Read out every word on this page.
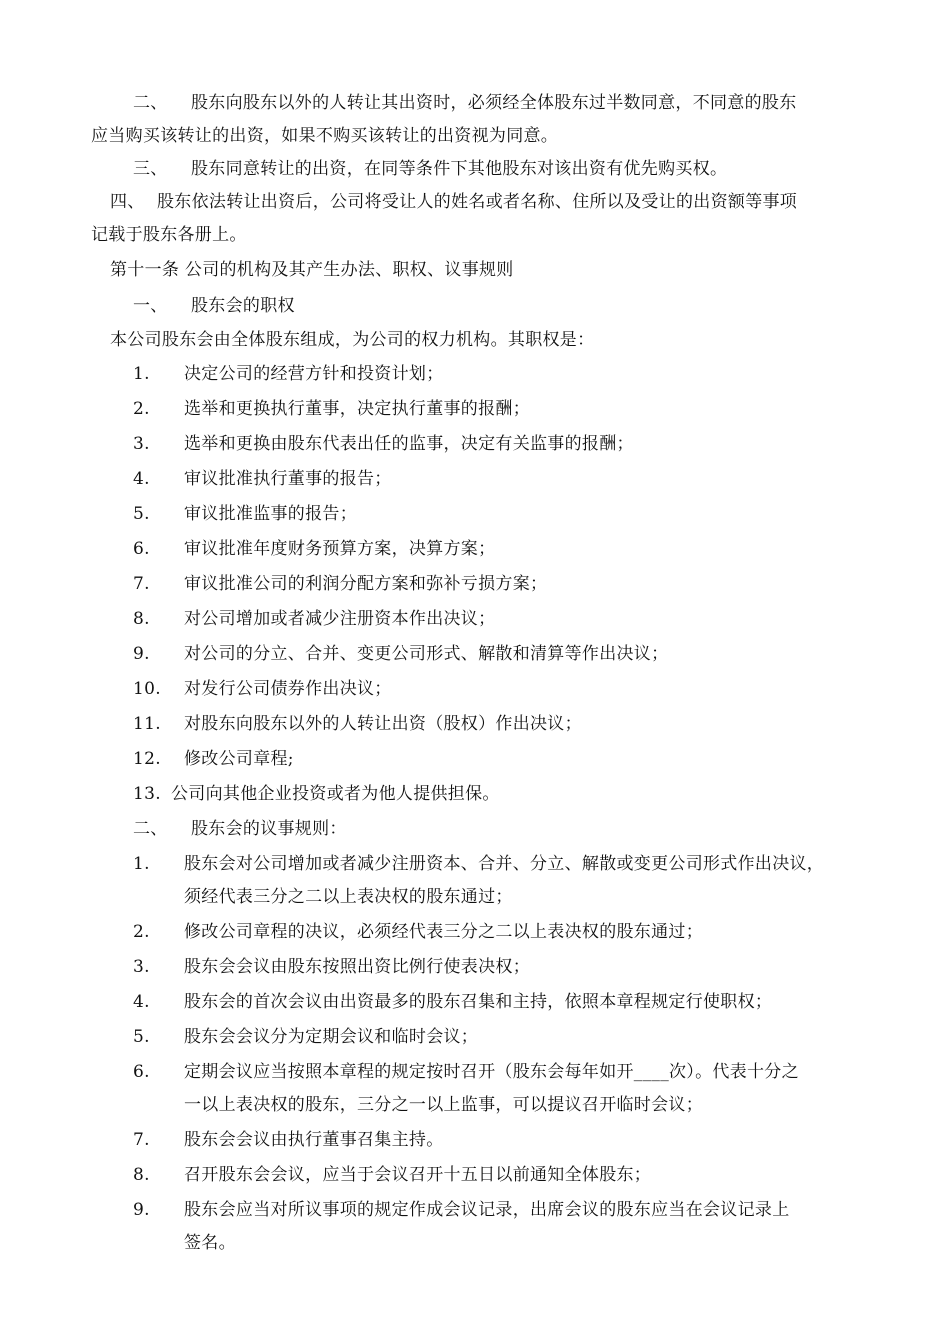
二、 股东向股东以外的人转让其出资时，必须经全体股东过半数同意，不同意的股东
应当购买该转让的出资，如果不购买该转让的出资视为同意。
三、 股东同意转让的出资，在同等条件下其他股东对该出资有优先购买权。
四、 股东依法转让出资后，公司将受让人的姓名或者名称、住所以及受让的出资额等事项
记载于股东各册上。
第十一条 公司的机构及其产生办法、职权、议事规则
一、 股东会的职权
本公司股东会由全体股东组成，为公司的权力机构。其职权是：
1. 决定公司的经营方针和投资计划；
2. 选举和更换执行董事，决定执行董事的报酬；
3. 选举和更换由股东代表出任的监事，决定有关监事的报酬；
4. 审议批准执行董事的报告；
5. 审议批准监事的报告；
6. 审议批准年度财务预算方案，决算方案；
7. 审议批准公司的利润分配方案和弥补亏损方案；
8. 对公司增加或者减少注册资本作出决议；
9. 对公司的分立、合并、变更公司形式、解散和清算等作出决议；
10. 对发行公司债券作出决议；
11. 对股东向股东以外的人转让出资（股权）作出决议；
12. 修改公司章程;
13. 公司向其他企业投资或者为他人提供担保。
二、 股东会的议事规则：
1. 股东会对公司增加或者减少注册资本、合并、分立、解散或变更公司形式作出决议，
须经代表三分之二以上表决权的股东通过；
2. 修改公司章程的决议，必须经代表三分之二以上表决权的股东通过；
3. 股东会会议由股东按照出资比例行使表决权；
4. 股东会的首次会议由出资最多的股东召集和主持，依照本章程规定行使职权；
5. 股东会会议分为定期会议和临时会议；
6. 定期会议应当按照本章程的规定按时召开（股东会每年如开____次）。代表十分之
一以上表决权的股东，三分之一以上监事，可以提议召开临时会议；
7. 股东会会议由执行董事召集主持。
8. 召开股东会会议，应当于会议召开十五日以前通知全体股东；
9. 股东会应当对所议事项的规定作成会议记录，出席会议的股东应当在会议记录上
签名。
